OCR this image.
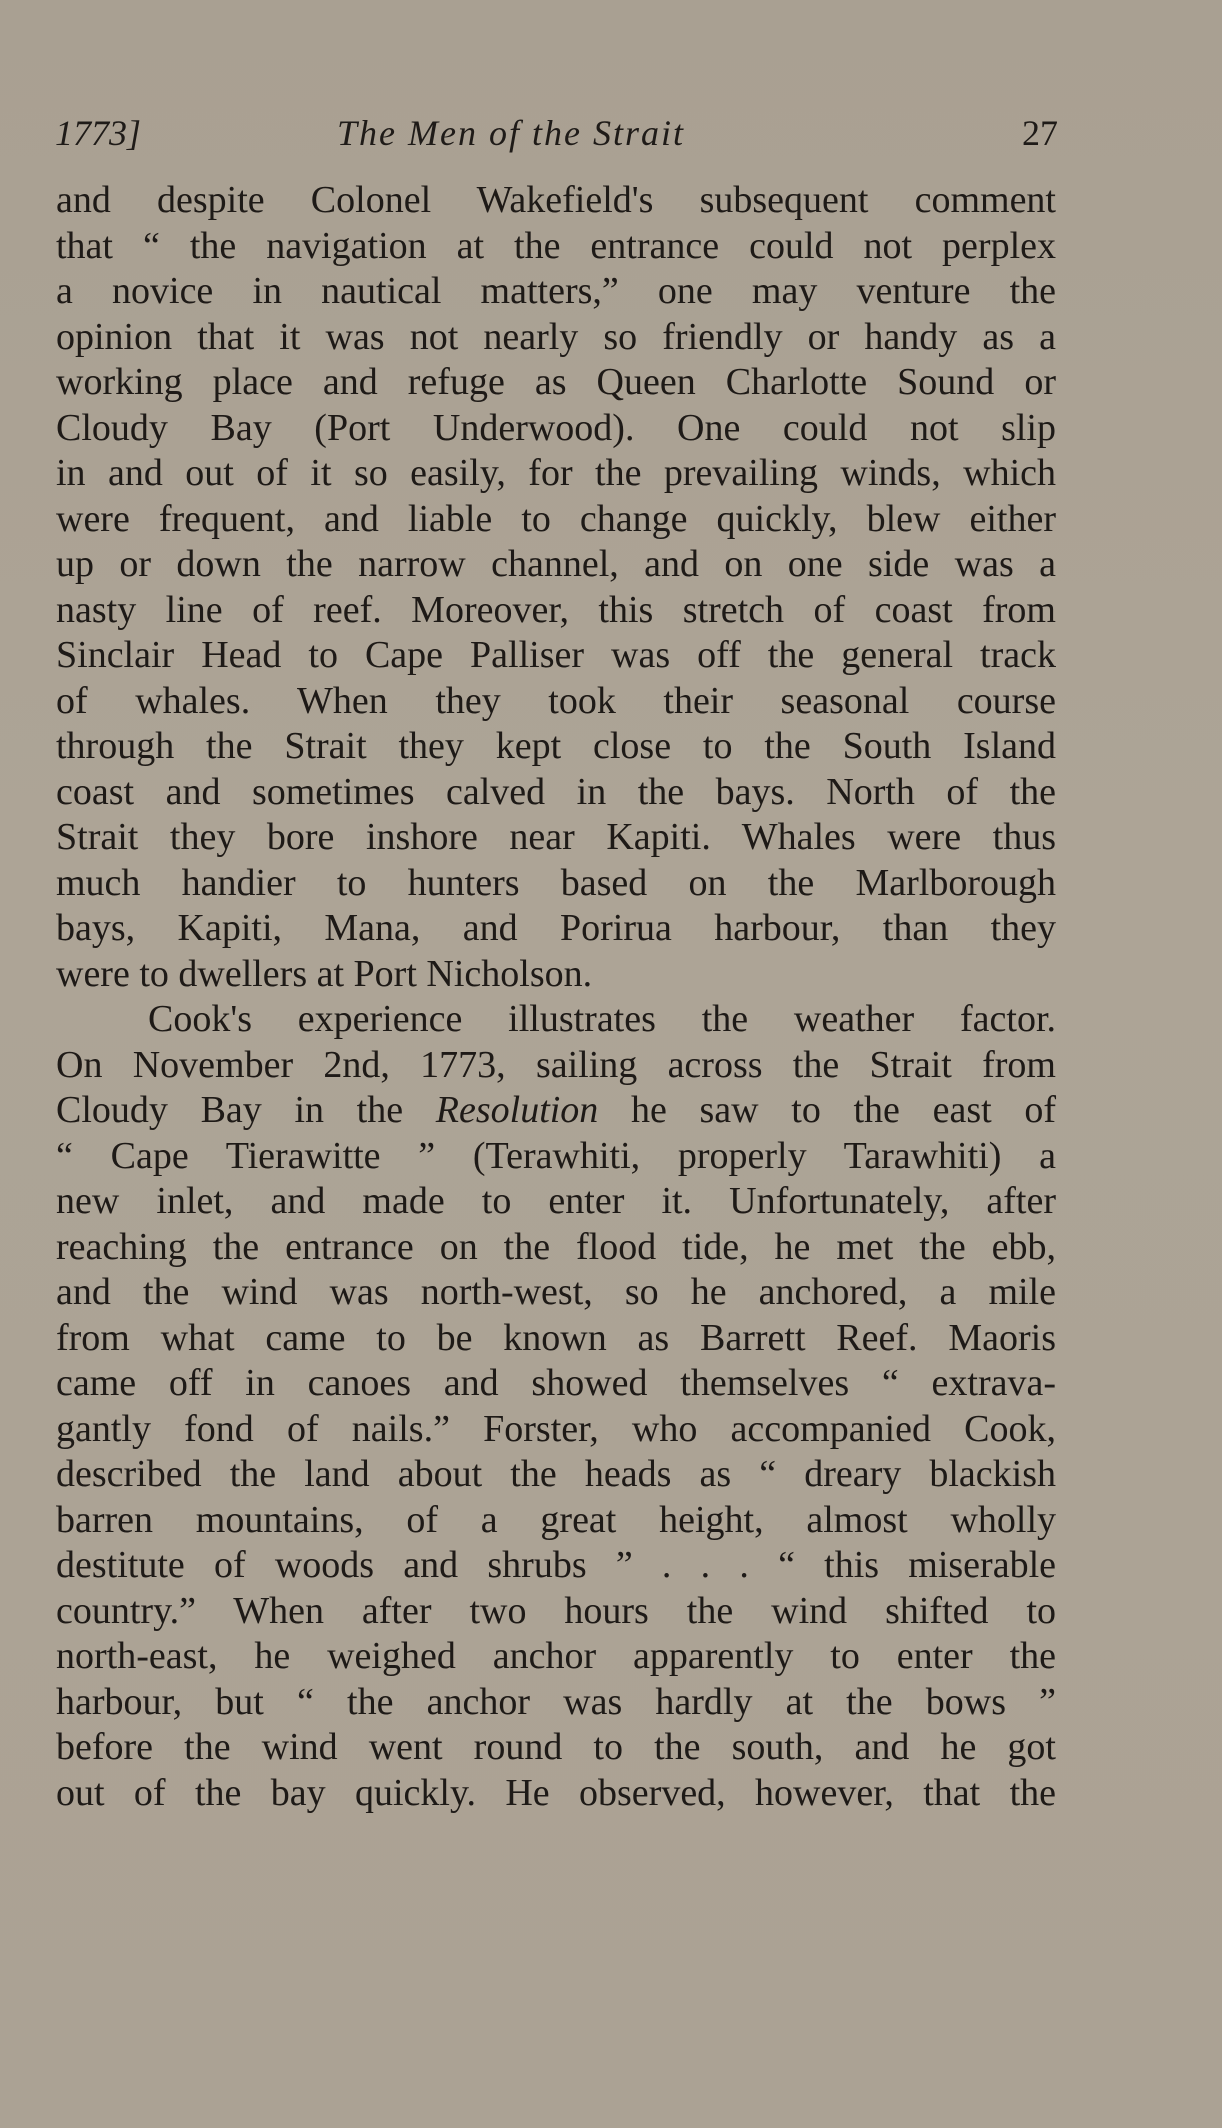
1773]	The Men of the Strait	27
and despite Colonel Wakefield's subsequent comment
that “ the navigation at the entrance could not perplex
a novice in nautical matters,” one may venture the
opinion that it was not nearly so friendly or handy as a
working place and refuge as Queen Charlotte Sound or
Cloudy Bay (Port Underwood). One could not slip
in and out of it so easily, for the prevailing winds, which
were frequent, and liable to change quickly, blew either
up or down the narrow channel, and on one side was a
nasty line of reef. Moreover, this stretch of coast from
Sinclair Head to Cape Palliser was off the general track
of whales. When they took their seasonal course
through the Strait they kept close to the South Island
coast and sometimes calved in the bays. North of the
Strait they bore inshore near Kapiti. Whales were thus
much handier to hunters based on the Marlborough
bays, Kapiti, Mana, and Porirua harbour, than they
were to dwellers at Port Nicholson.
Cook's experience illustrates the weather factor.
On November 2nd, 1773, sailing across the Strait from
Cloudy Bay in the Resolution he saw to the east of
“ Cape Tierawitte ” (Terawhiti, properly Tarawhiti) a
new inlet, and made to enter it. Unfortunately, after
reaching the entrance on the flood tide, he met the ebb,
and the wind was north-west, so he anchored, a mile
from what came to be known as Barrett Reef. Maoris
came off in canoes and showed themselves “ extrava-
gantly fond of nails.” Forster, who accompanied Cook,
described the land about the heads as “ dreary blackish
barren mountains, of a great height, almost wholly
destitute of woods and shrubs ” . . . “ this miserable
country.” When after two hours the wind shifted to
north-east, he weighed anchor apparently to enter the
harbour, but “ the anchor was hardly at the bows ”
before the wind went round to the south, and he got
out of the bay quickly. He observed, however, that the
